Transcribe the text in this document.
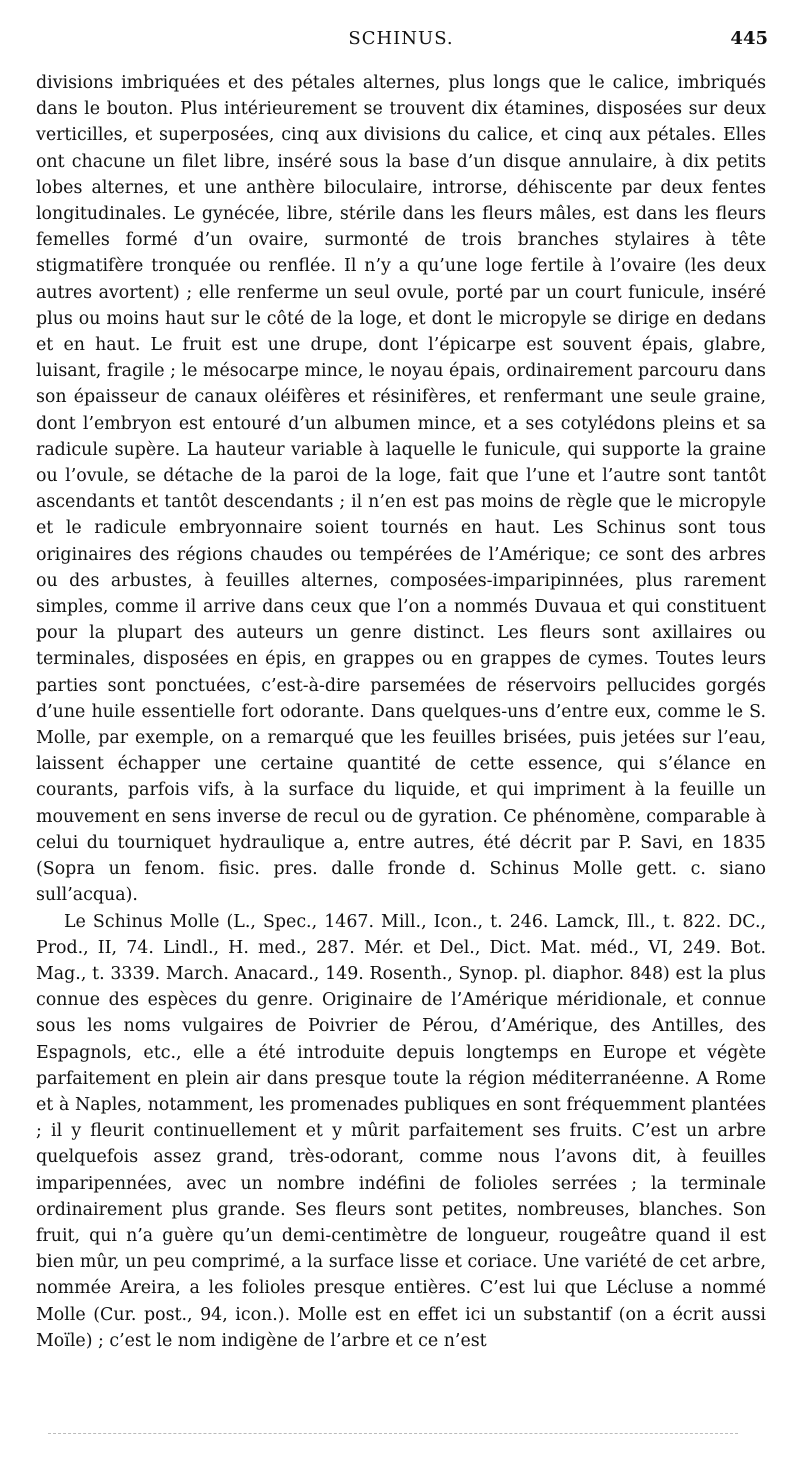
SCHINUS.	445

divisions imbriquées et des pétales alternes, plus longs que le calice, imbriqués dans le bouton. Plus intérieurement se trouvent dix étamines, disposées sur deux verticilles, et superposées, cinq aux divisions du calice, et cinq aux pétales. Elles ont chacune un filet libre, inséré sous la base d’un disque annulaire, à dix petits lobes alternes, et une anthère biloculaire, introrse, déhiscente par deux fentes longitudinales. Le gynécée, libre, stérile dans les fleurs mâles, est dans les fleurs femelles formé d’un ovaire, surmonté de trois branches stylaires à tête stigmatifère tronquée ou renflée. Il n’y a qu’une loge fertile à l’ovaire (les deux autres avortent) ; elle renferme un seul ovule, porté par un court funicule, inséré plus ou moins haut sur le côté de la loge, et dont le micropyle se dirige en dedans et en haut. Le fruit est une drupe, dont l’épicarpe est souvent épais, glabre, luisant, fragile ; le mésocarpe mince, le noyau épais, ordinairement parcouru dans son épaisseur de canaux oléifères et résinifères, et renfermant une seule graine, dont l’embryon est entouré d’un albumen mince, et a ses cotylédons pleins et sa radicule supère. La hauteur variable à laquelle le funicule, qui supporte la graine ou l’ovule, se détache de la paroi de la loge, fait que l’une et l’autre sont tantôt ascendants et tantôt descendants ; il n’en est pas moins de règle que le micropyle et le radicule embryonnaire soient tournés en haut. Les Schinus sont tous originaires des régions chaudes ou tempérées de l’Amérique; ce sont des arbres ou des arbustes, à feuilles alternes, composées-imparipinnées, plus rarement simples, comme il arrive dans ceux que l’on a nommés Duvaua et qui constituent pour la plupart des auteurs un genre distinct. Les fleurs sont axillaires ou terminales, disposées en épis, en grappes ou en grappes de cymes. Toutes leurs parties sont ponctuées, c’est-à-dire parsemées de réservoirs pellucides gorgés d’une huile essentielle fort odorante. Dans quelques-uns d’entre eux, comme le S. Molle, par exemple, on a remarqué que les feuilles brisées, puis jetées sur l’eau, laissent échapper une certaine quantité de cette essence, qui s’élance en courants, parfois vifs, à la surface du liquide, et qui impriment à la feuille un mouvement en sens inverse de recul ou de gyration. Ce phénomène, comparable à celui du tourniquet hydraulique a, entre autres, été décrit par P. Savi, en 1835 (Sopra un fenom. fisic. pres. dalle fronde d. Schinus Molle gett. c. siano sull’acqua).

Le Schinus Molle (L., Spec., 1467. Mill., Icon., t. 246. Lamck, Ill., t. 822. DC., Prod., II, 74. Lindl., H. med., 287. Mér. et Del., Dict. Mat. méd., VI, 249. Bot. Mag., t. 3339. March. Anacard., 149. Rosenth., Synop. pl. diaphor. 848) est la plus connue des espèces du genre. Originaire de l’Amérique méridionale, et connue sous les noms vulgaires de Poivrier de Pérou, d’Amérique, des Antilles, des Espagnols, etc., elle a été introduite depuis longtemps en Europe et végète parfaitement en plein air dans presque toute la région méditerranéenne. A Rome et à Naples, notamment, les promenades publiques en sont fréquemment plantées ; il y fleurit continuellement et y mûrit parfaitement ses fruits. C’est un arbre quelquefois assez grand, très-odorant, comme nous l’avons dit, à feuilles imparipennées, avec un nombre indéfini de folioles serrées ; la terminale ordinairement plus grande. Ses fleurs sont petites, nombreuses, blanches. Son fruit, qui n’a guère qu’un demi-centimètre de longueur, rougeâtre quand il est bien mûr, un peu comprimé, a la surface lisse et coriace. Une variété de cet arbre, nommée Areira, a les folioles presque entières. C’est lui que Lécluse a nommé Molle (Cur. post., 94, icon.). Molle est en effet ici un substantif (on a écrit aussi Moïle) ; c’est le nom indigène de l’arbre et ce n’est
